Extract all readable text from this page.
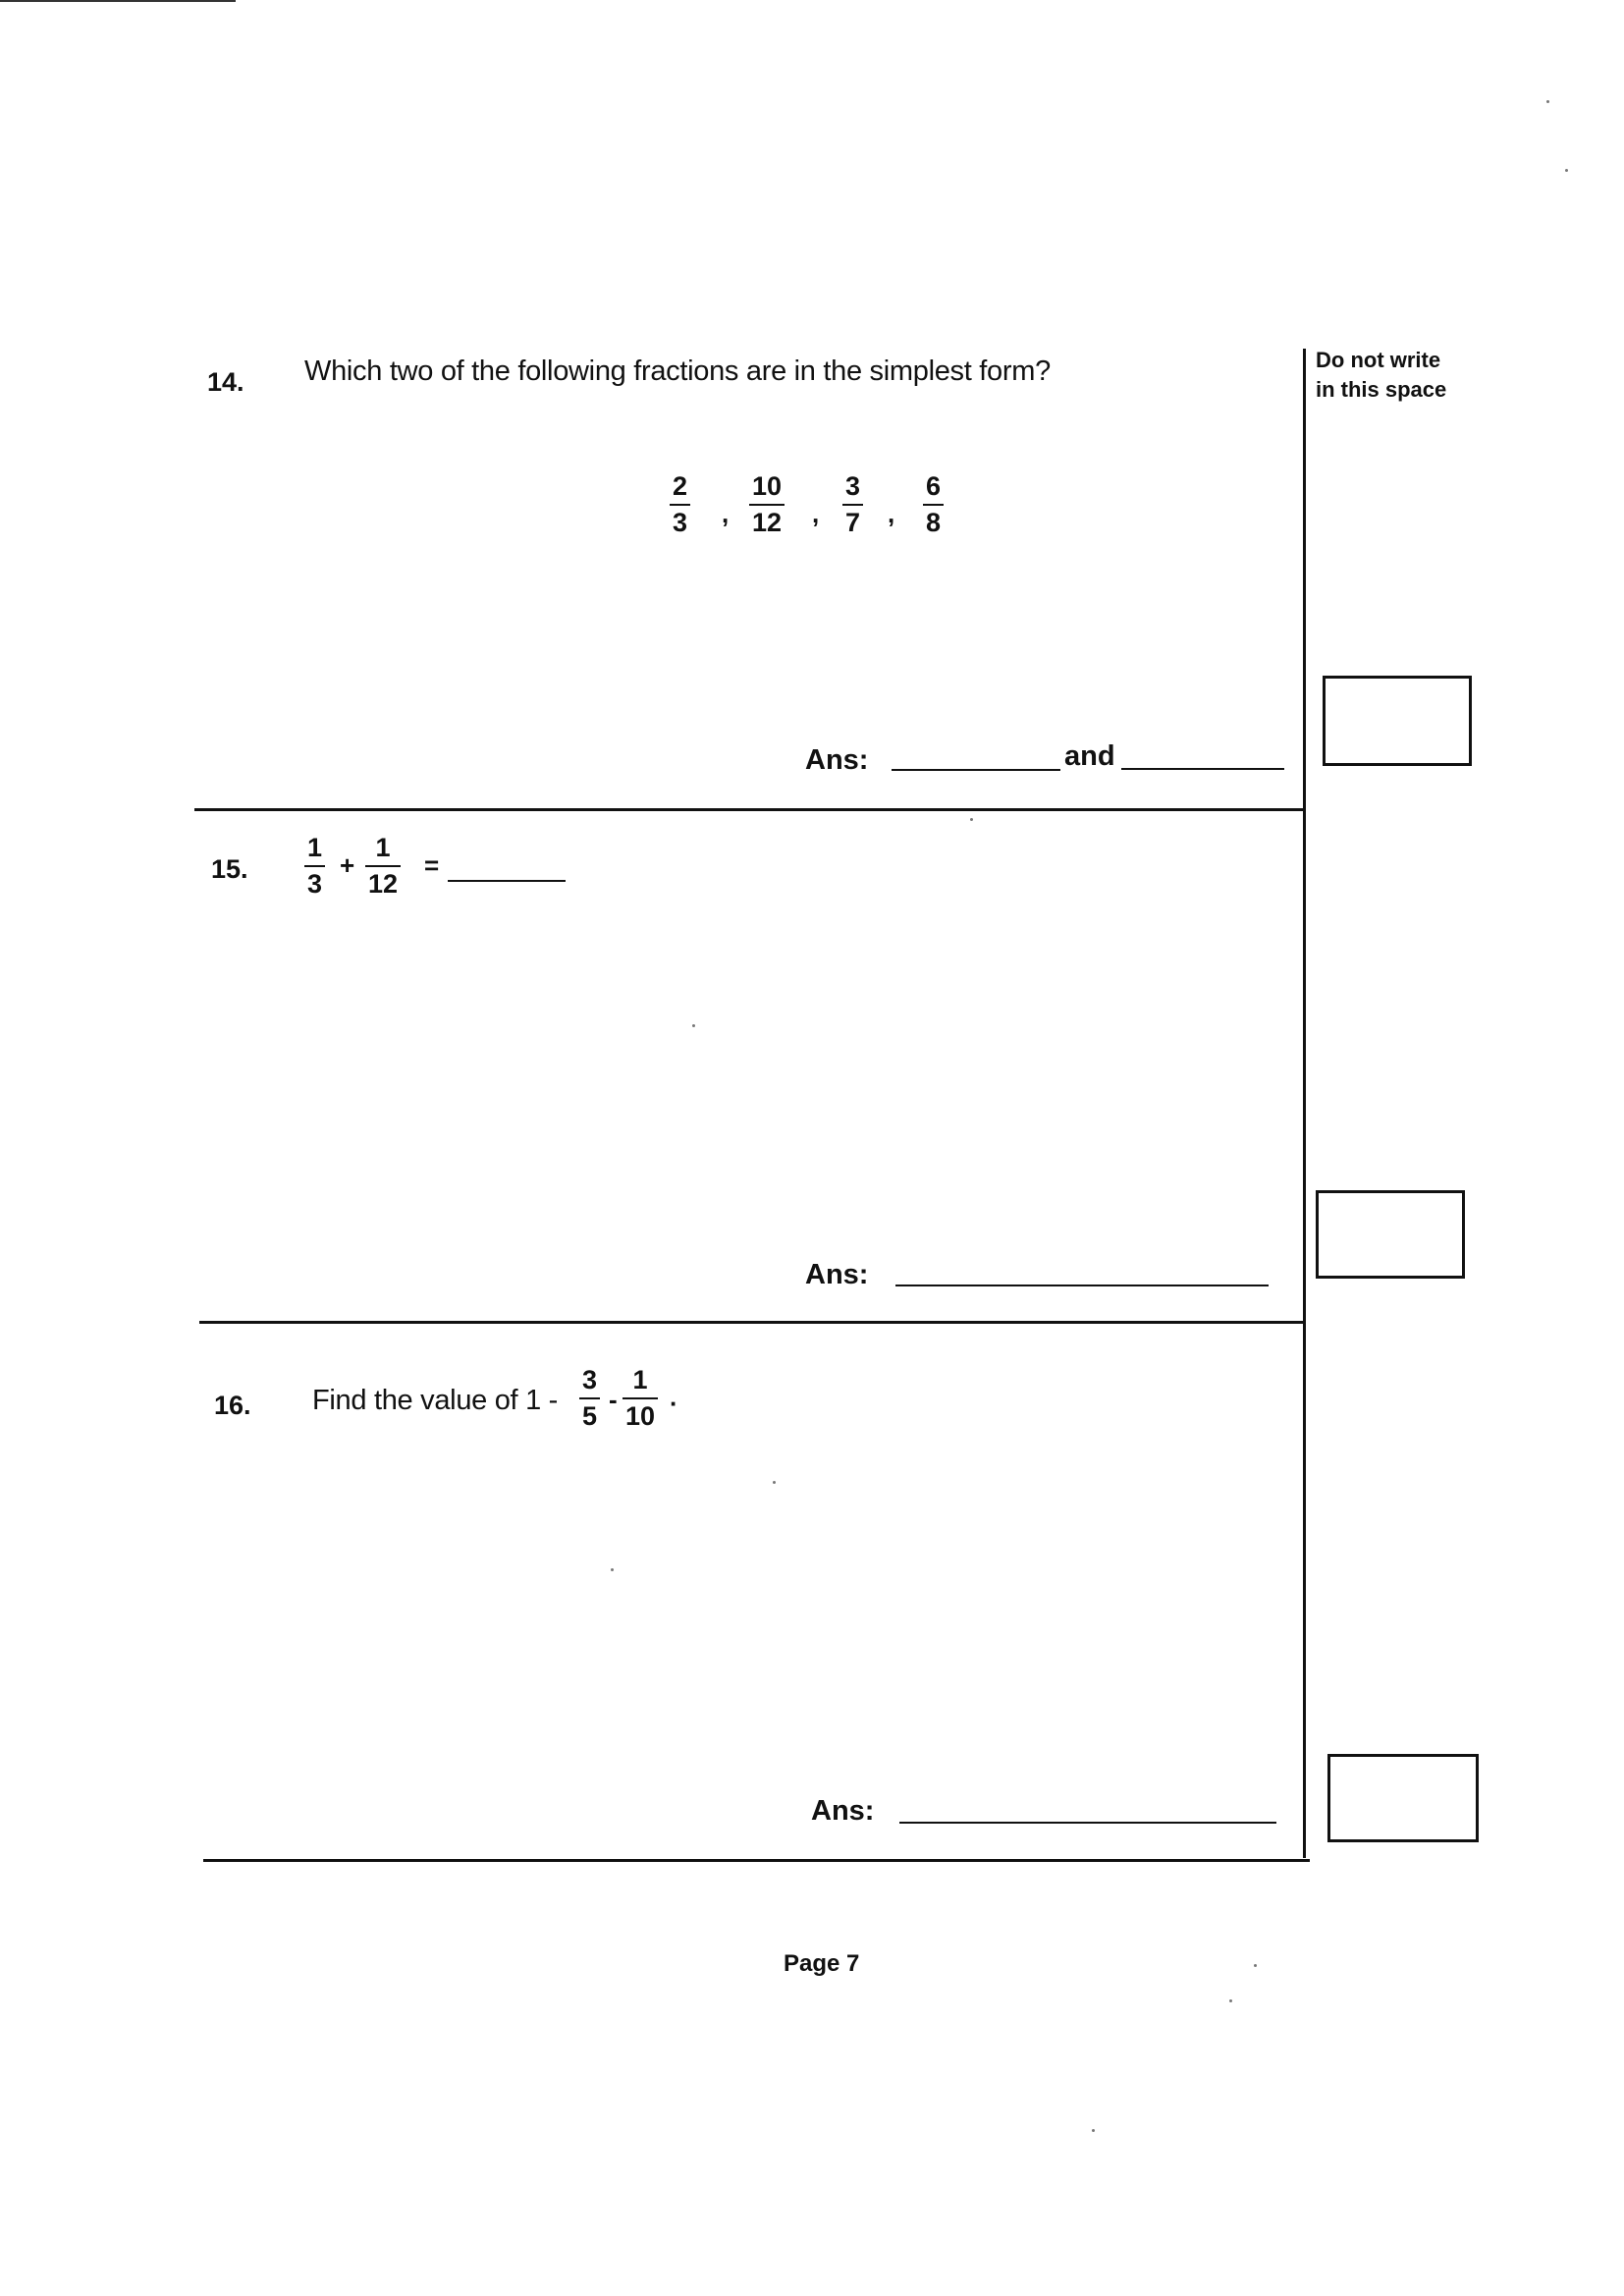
Do not write
in this space
14. Which two of the following fractions are in the simplest form?
2
3 ,
10
12 ,
3
7 ,
6
8
Ans:	and
15.
1
3
+
1
12
=
Ans:
16. Find the value of 1 -
3
5
-
1
10 ·
Ans:
Page 7
